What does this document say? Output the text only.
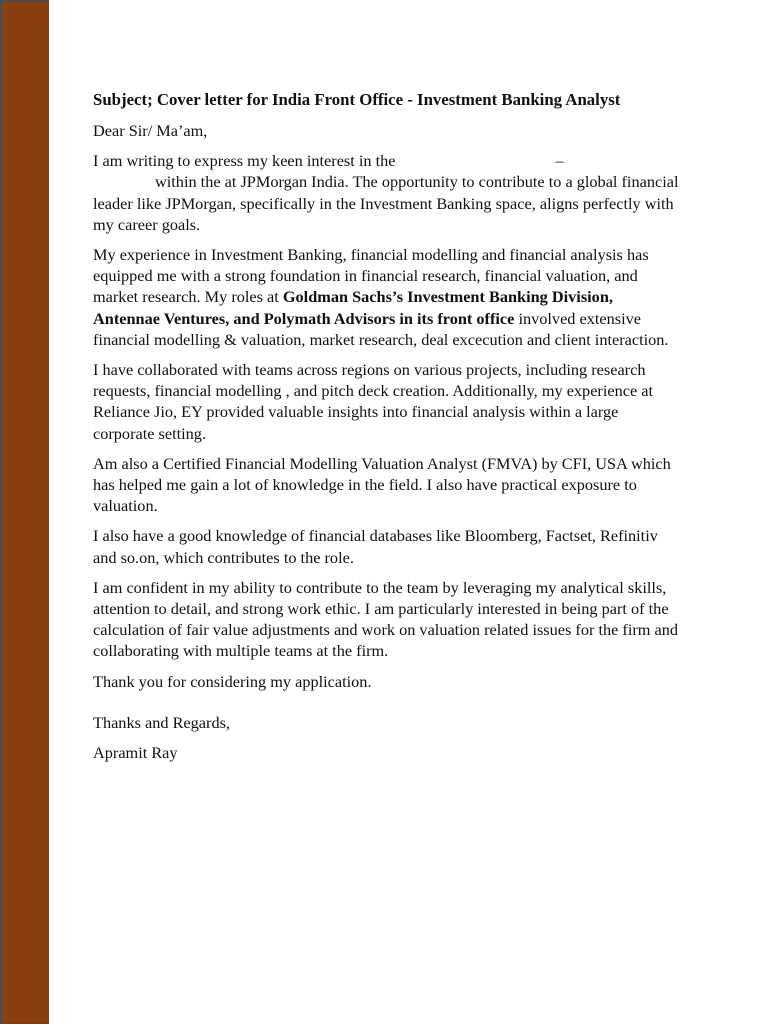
Subject; Cover letter for India Front Office - Investment Banking Analyst

Dear Sir/ Ma’am,

I am writing to express my keen interest in the	–
within the at JPMorgan India. The opportunity to contribute to a global financial leader like JPMorgan, specifically in the Investment Banking space, aligns perfectly with my career goals.

My experience in Investment Banking, financial modelling and financial analysis has equipped me with a strong foundation in financial research, financial valuation, and market research. My roles at Goldman Sachs’s Investment Banking Division, Antennae Ventures, and Polymath Advisors in its front office involved extensive financial modelling & valuation, market research, deal excecution and client interaction.

I have collaborated with teams across regions on various projects, including research requests, financial modelling , and pitch deck creation. Additionally, my experience at Reliance Jio, EY provided valuable insights into financial analysis within a large corporate setting.

Am also a Certified Financial Modelling Valuation Analyst (FMVA) by CFI, USA which has helped me gain a lot of knowledge in the field. I also have practical exposure to valuation.

I also have a good knowledge of financial databases like Bloomberg, Factset, Refinitiv and so.on, which contributes to the role.

I am confident in my ability to contribute to the team by leveraging my analytical skills, attention to detail, and strong work ethic. I am particularly interested in being part of the calculation of fair value adjustments and work on valuation related issues for the firm and collaborating with multiple teams at the firm.

Thank you for considering my application.

Thanks and Regards,

Apramit Ray
